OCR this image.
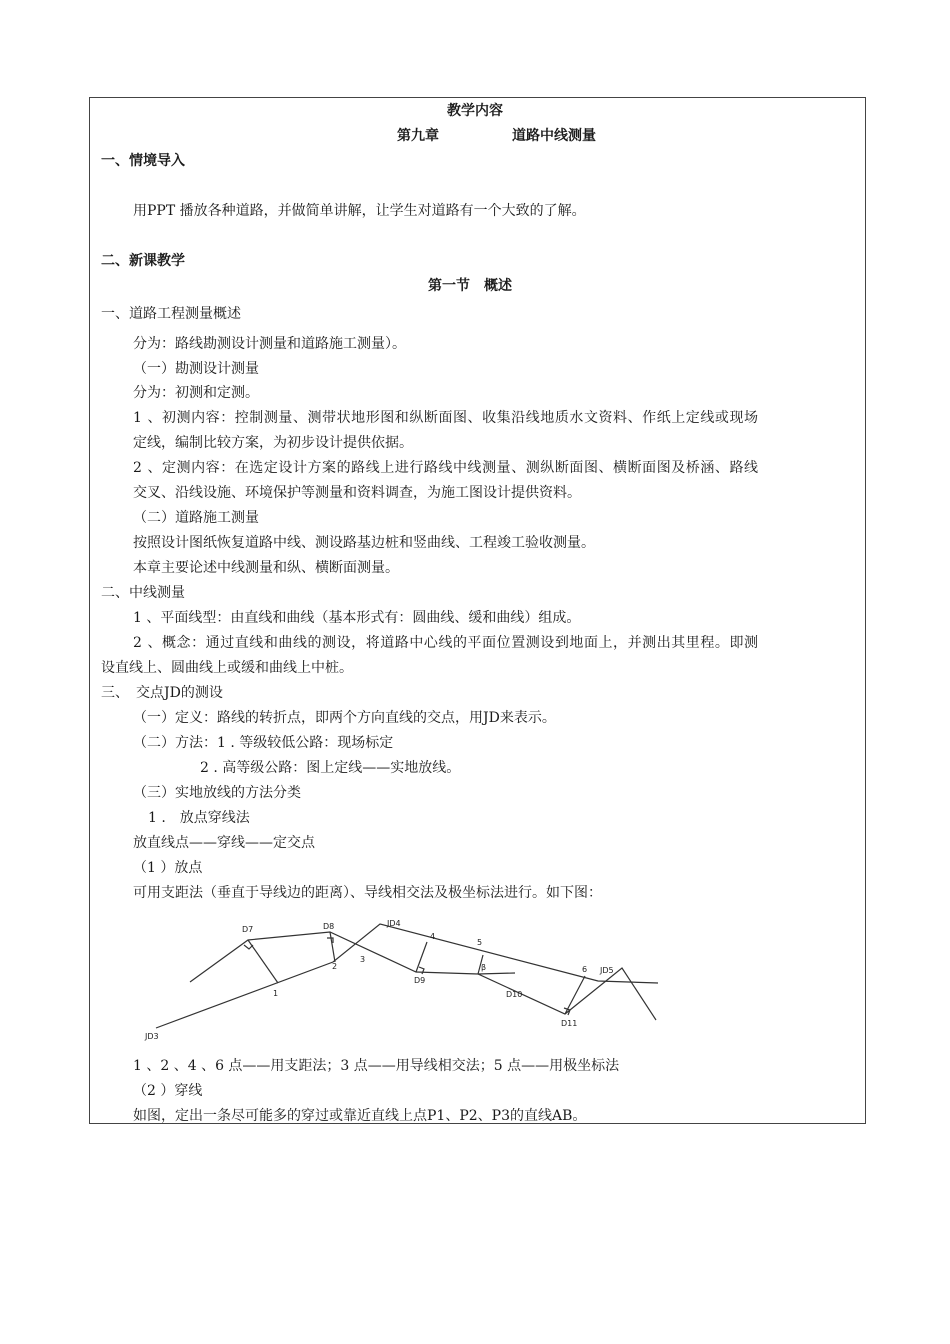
教学内容
第九章	道路中线测量
一、情境导入
用PPT 播放各种道路，并做简单讲解，让学生对道路有一个大致的了解。
二、新课教学
第一节　概述
一、道路工程测量概述
分为：路线勘测设计测量和道路施工测量）。
（一）勘测设计测量
分为：初测和定测。
1 、初测内容：控制测量、测带状地形图和纵断面图、收集沿线地质水文资料、作纸上定线或现场
定线，编制比较方案，为初步设计提供依据。
2 、定测内容：在选定设计方案的路线上进行路线中线测量、测纵断面图、横断面图及桥涵、路线
交叉、沿线设施、环境保护等测量和资料调查，为施工图设计提供资料。
（二）道路施工测量
按照设计图纸恢复道路中线、测设路基边桩和竖曲线、工程竣工验收测量。
本章主要论述中线测量和纵、横断面测量。
二、中线测量
1 、平面线型：由直线和曲线（基本形式有：圆曲线、缓和曲线）组成。
2 、概念：通过直线和曲线的测设，将道路中心线的平面位置测设到地面上，并测出其里程。即测
设直线上、圆曲线上或缓和曲线上中桩。
三、　交点JD的测设
（一）定义：路线的转折点，即两个方向直线的交点，用JD来表示。
（二）方法：1 . 等级较低公路：现场标定
2 . 高等级公路：图上定线——实地放线。
（三）实地放线的方法分类
1 .　放点穿线法
放直线点——穿线——定交点
（1 ）放点
可用支距法（垂直于导线边的距离）、导线相交法及极坐标法进行。如下图：
JD3
D7	D8	JD4
4
5
β	6 JD5
2
3
1
D9
D10
D11
1 、2 、4 、6 点——用支距法；3 点——用导线相交法；5 点——用极坐标法
（2 ）穿线
如图，定出一条尽可能多的穿过或靠近直线上点P1、P2、P3的直线AB。
